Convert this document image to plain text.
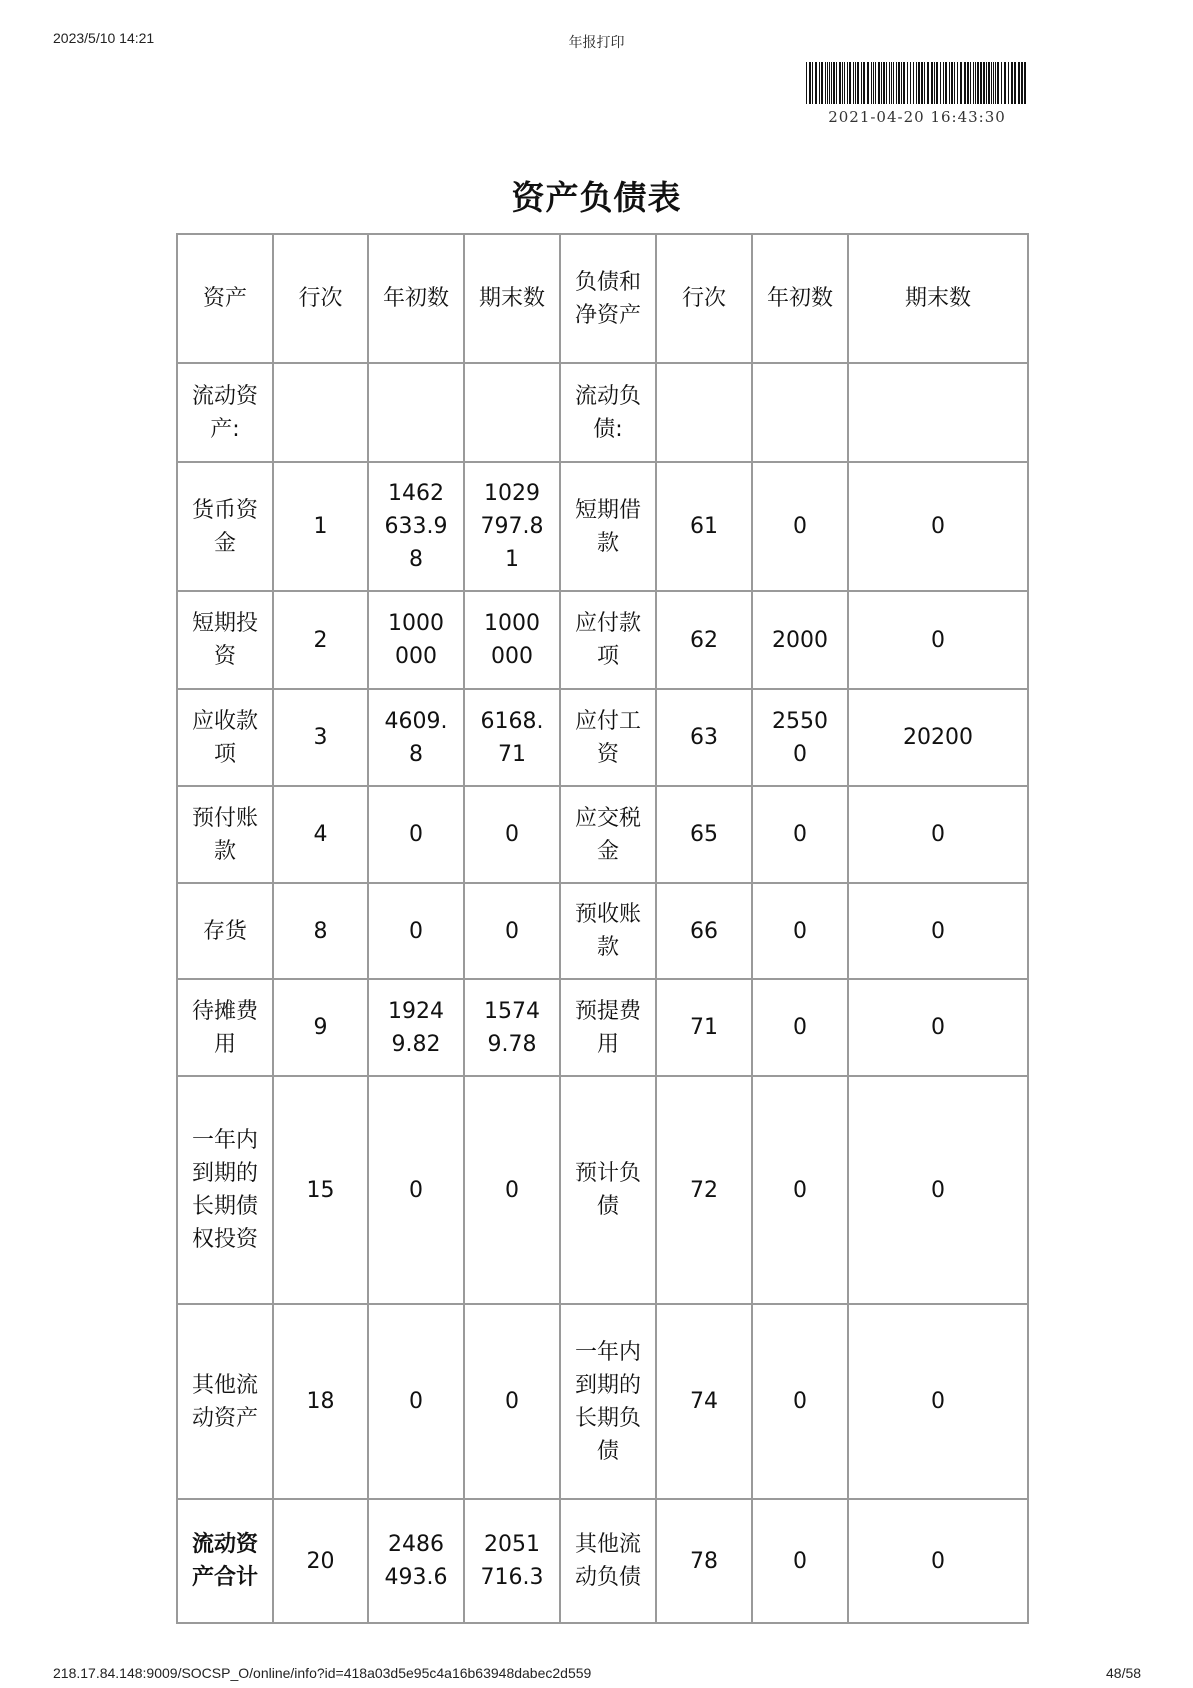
2023/5/10 14:21	年报打印
2021-04-20 16:43:30
资产负债表
资产	行次	年初数	期末数	负债和净资产	行次	年初数	期末数
流动资产:				流动负债:			
货币资金	1	1462633.98	1029797.81	短期借款	61	0	0
短期投资	2	1000000	1000000	应付款项	62	2000	0
应收款项	3	4609.8	6168.71	应付工资	63	25500	20200
预付账款	4	0	0	应交税金	65	0	0
存货	8	0	0	预收账款	66	0	0
待摊费用	9	19249.82	15749.78	预提费用	71	0	0
一年内到期的长期债权投资	15	0	0	预计负债	72	0	0
其他流动资产	18	0	0	一年内到期的长期负债	74	0	0
流动资产合计	20	2486493.6	2051716.3	其他流动负债	78	0	0
218.17.84.148:9009/SOCSP_O/online/info?id=418a03d5e95c4a16b63948dabec2d559	48/58
